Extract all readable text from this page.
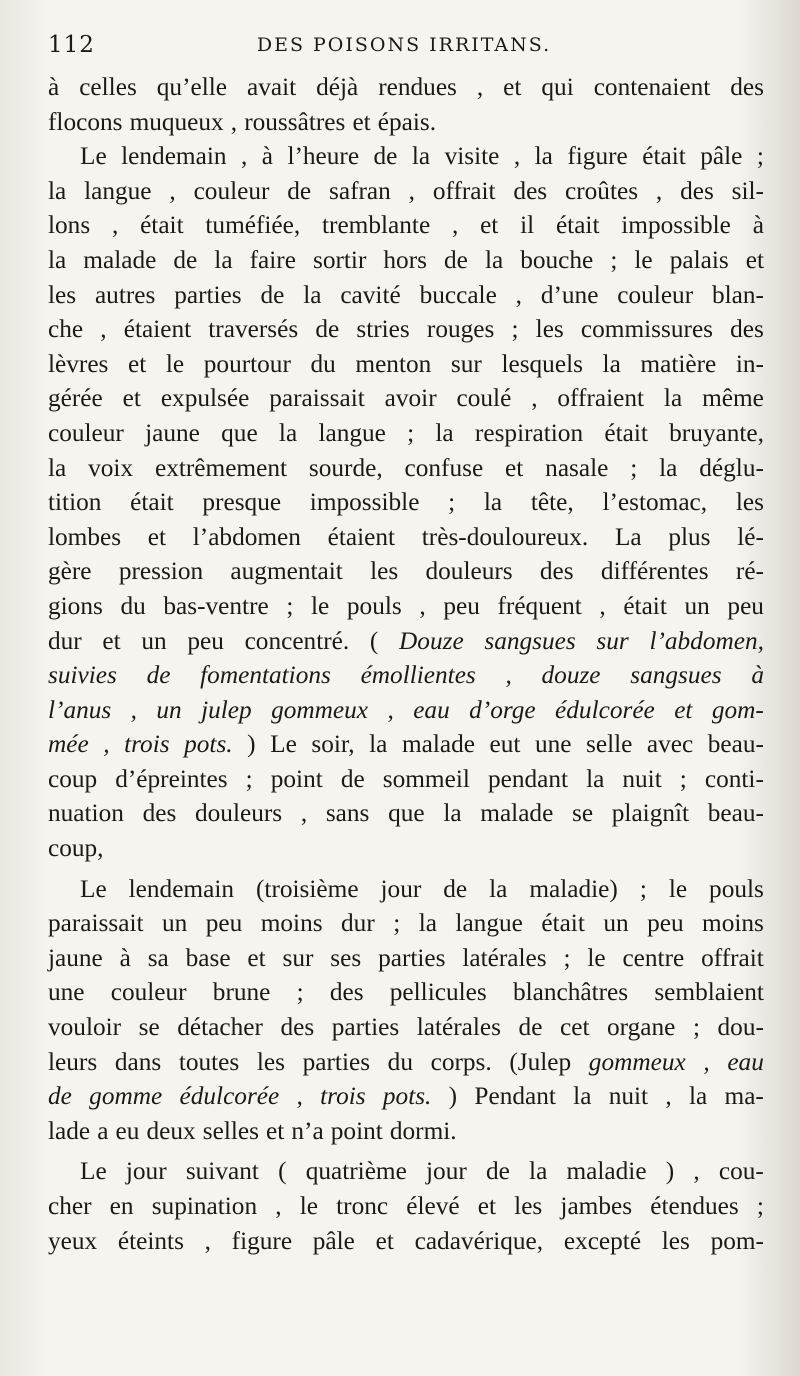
112	DES POISONS IRRITANS.
à celles qu’elle avait déjà rendues , et qui contenaient des
flocons muqueux , roussâtres et épais.
Le lendemain , à l’heure de la visite , la figure était pâle ;
la langue , couleur de safran , offrait des croûtes , des sil-
lons , était tuméfiée, tremblante , et il était impossible à
la malade de la faire sortir hors de la bouche ; le palais et
les autres parties de la cavité buccale , d’une couleur blan-
che , étaient traversés de stries rouges ; les commissures des
lèvres et le pourtour du menton sur lesquels la matière in-
gérée et expulsée paraissait avoir coulé , offraient la même
couleur jaune que la langue ; la respiration était bruyante,
la voix extrêmement sourde, confuse et nasale ; la déglu-
tition était presque impossible ; la tête, l’estomac, les
lombes et l’abdomen étaient très-douloureux. La plus lé-
gère pression augmentait les douleurs des différentes ré-
gions du bas-ventre ; le pouls , peu fréquent , était un peu
dur et un peu concentré. ( Douze sangsues sur l’abdomen,
suivies de fomentations émollientes , douze sangsues à
l’anus , un julep gommeux , eau d’orge édulcorée et gom-
mée , trois pots. ) Le soir, la malade eut une selle avec beau-
coup d’épreintes ; point de sommeil pendant la nuit ; conti-
nuation des douleurs , sans que la malade se plaignît beau-
coup,
Le lendemain (troisième jour de la maladie) ; le pouls
paraissait un peu moins dur ; la langue était un peu moins
jaune à sa base et sur ses parties latérales ; le centre offrait
une couleur brune ; des pellicules blanchâtres semblaient
vouloir se détacher des parties latérales de cet organe ; dou-
leurs dans toutes les parties du corps. (Julep gommeux , eau
de gomme édulcorée , trois pots. ) Pendant la nuit , la ma-
lade a eu deux selles et n’a point dormi.
Le jour suivant ( quatrième jour de la maladie ) , cou-
cher en supination , le tronc élevé et les jambes étendues ;
yeux éteints , figure pâle et cadavérique, excepté les pom-
